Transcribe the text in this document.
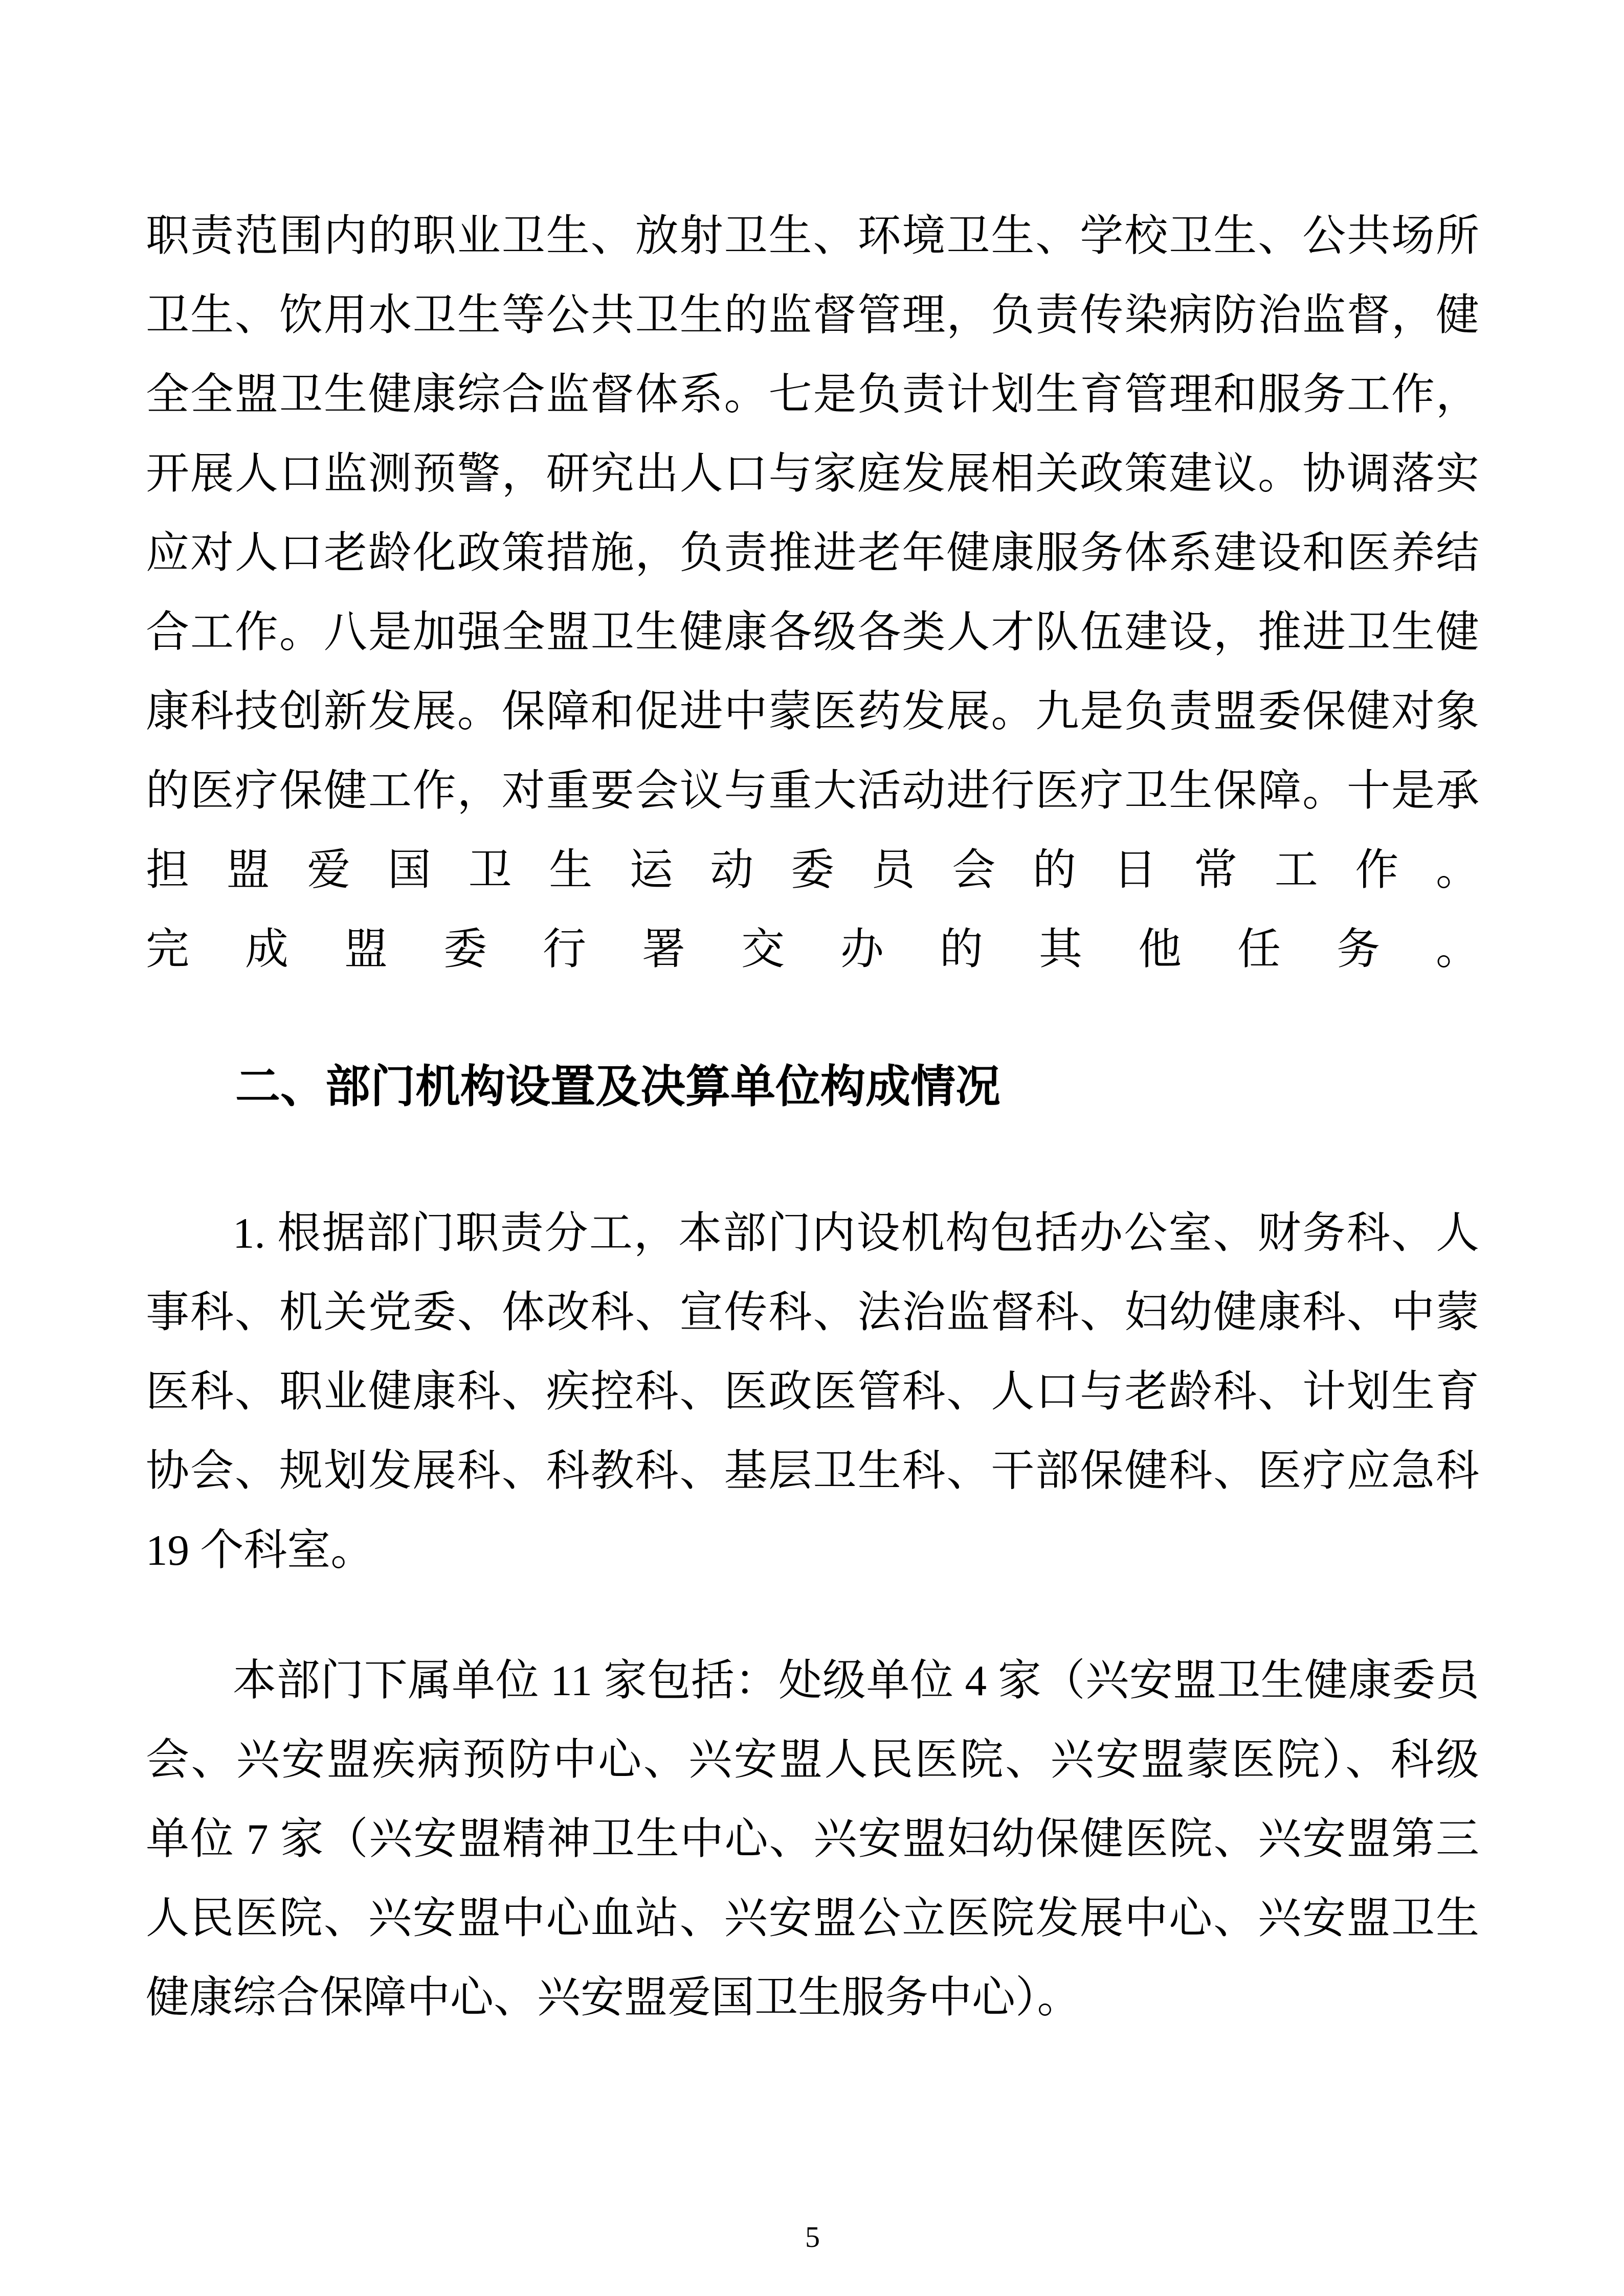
职责范围内的职业卫生、放射卫生、环境卫生、学校卫生、公共场所
卫生、饮用水卫生等公共卫生的监督管理，负责传染病防治监督，健
全全盟卫生健康综合监督体系。七是负责计划生育管理和服务工作，
开展人口监测预警，研究出人口与家庭发展相关政策建议。协调落实
应对人口老龄化政策措施，负责推进老年健康服务体系建设和医养结
合工作。八是加强全盟卫生健康各级各类人才队伍建设，推进卫生健
康科技创新发展。保障和促进中蒙医药发展。九是负责盟委保健对象
的医疗保健工作，对重要会议与重大活动进行医疗卫生保障。十是承
担盟爱国卫生运动委员会的日常工作。完成盟委行署交办的其他任务。
二、部门机构设置及决算单位构成情况
1. 根据部门职责分工，本部门内设机构包括办公室、财务科、人
事科、机关党委、体改科、宣传科、法治监督科、妇幼健康科、中蒙
医科、职业健康科、疾控科、医政医管科、人口与老龄科、计划生育
协会、规划发展科、科教科、基层卫生科、干部保健科、医疗应急科
19 个科室。
本部门下属单位 11 家包括：处级单位 4 家（兴安盟卫生健康委员
会、兴安盟疾病预防中心、兴安盟人民医院、兴安盟蒙医院）、科级
单位 7 家（兴安盟精神卫生中心、兴安盟妇幼保健医院、兴安盟第三
人民医院、兴安盟中心血站、兴安盟公立医院发展中心、兴安盟卫生
健康综合保障中心、兴安盟爱国卫生服务中心）。
5
